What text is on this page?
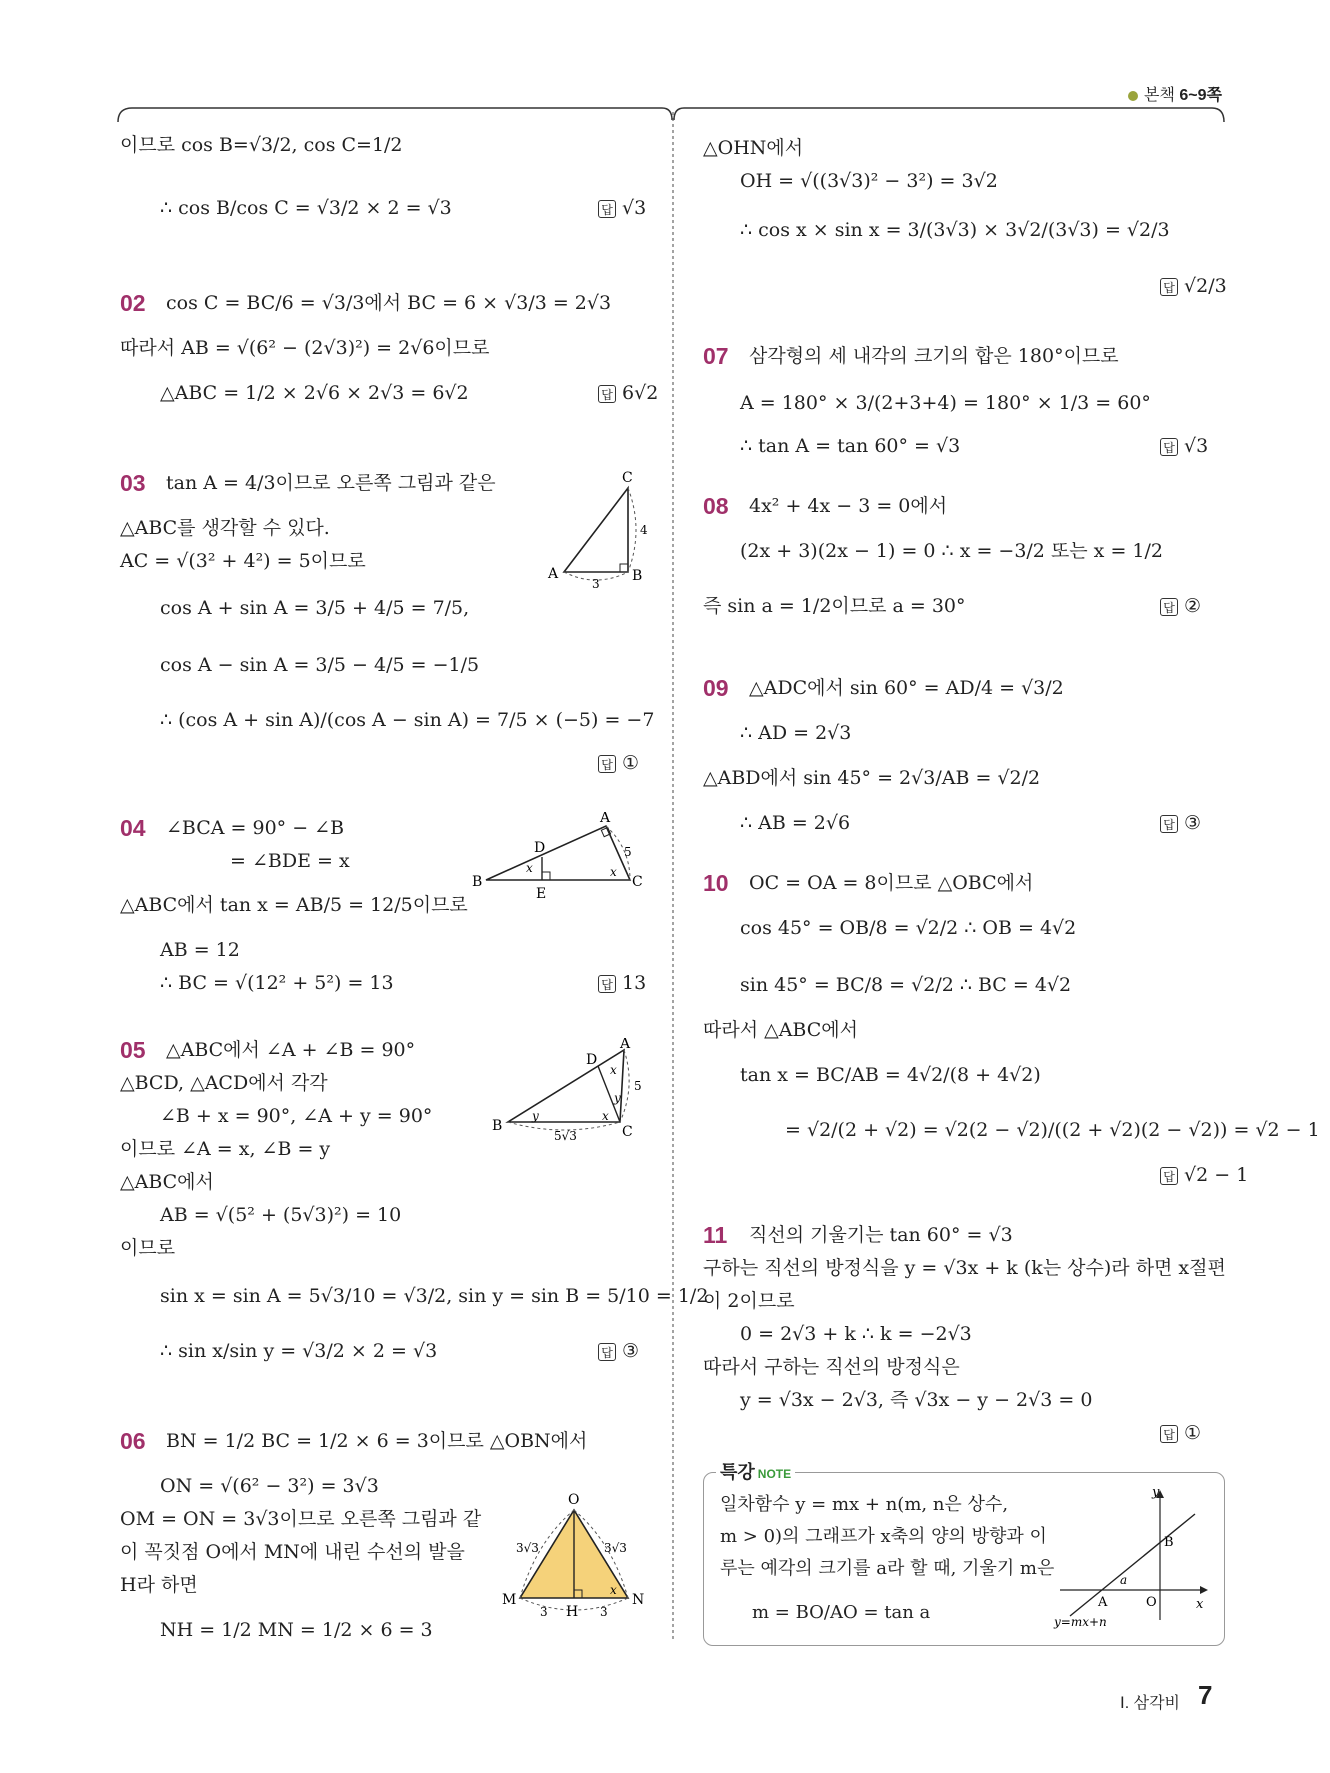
본책 6~9쪽
이므로 cos B=√3/2, cos C=1/2
∴ cos B/cos C = √3/2 × 2 = √3	답 √3
02 cos C = BC/6 = √3/3에서 BC = 6 × √3/3 = 2√3
따라서 AB = √(6² − (2√3)²) = 2√6이므로
△ABC = 1/2 × 2√6 × 2√3 = 6√2	답 6√2
03 tan A = 4/3이므로 오른쪽 그림과 같은
△ABC를 생각할 수 있다.
AC = √(3² + 4²) = 5이므로
cos A + sin A = 3/5 + 4/5 = 7/5,
cos A − sin A = 3/5 − 4/5 = −1/5
∴ (cos A + sin A)/(cos A − sin A) = 7/5 × (−5) = −7
답 ①
04 ∠BCA = 90° − ∠B
= ∠BDE = x
△ABC에서 tan x = AB/5 = 12/5이므로
AB = 12
∴ BC = √(12² + 5²) = 13	답 13
05 △ABC에서 ∠A + ∠B = 90°
△BCD, △ACD에서 각각
∠B + x = 90°, ∠A + y = 90°
이므로 ∠A = x, ∠B = y
△ABC에서
AB = √(5² + (5√3)²) = 10
이므로
sin x = sin A = 5√3/10 = √3/2, sin y = sin B = 5/10 = 1/2
∴ sin x/sin y = √3/2 × 2 = √3	답 ③
06 BN = 1/2 BC = 1/2 × 6 = 3이므로 △OBN에서
ON = √(6² − 3²) = 3√3
OM = ON = 3√3이므로 오른쪽 그림과 같
이 꼭짓점 O에서 MN에 내린 수선의 발을
H라 하면
NH = 1/2 MN = 1/2 × 6 = 3
△OHN에서
OH = √((3√3)² − 3²) = 3√2
∴ cos x × sin x = 3/(3√3) × 3√2/(3√3) = √2/3
답 √2/3
07 삼각형의 세 내각의 크기의 합은 180°이므로
A = 180° × 3/(2+3+4) = 180° × 1/3 = 60°
∴ tan A = tan 60° = √3	답 √3
08 4x² + 4x − 3 = 0에서
(2x + 3)(2x − 1) = 0 ∴ x = −3/2 또는 x = 1/2
즉 sin a = 1/2이므로 a = 30°	답 ②
09 △ADC에서 sin 60° = AD/4 = √3/2
∴ AD = 2√3
△ABD에서 sin 45° = 2√3/AB = √2/2
∴ AB = 2√6	답 ③
10 OC = OA = 8이므로 △OBC에서
cos 45° = OB/8 = √2/2 ∴ OB = 4√2
sin 45° = BC/8 = √2/2 ∴ BC = 4√2
따라서 △ABC에서
tan x = BC/AB = 4√2/(8 + 4√2)
= √2/(2 + √2) = √2(2 − √2)/((2 + √2)(2 − √2)) = √2 − 1
답 √2 − 1
11 직선의 기울기는 tan 60° = √3
구하는 직선의 방정식을 y = √3x + k (k는 상수)라 하면 x절편
이 2이므로
0 = 2√3 + k ∴ k = −2√3
따라서 구하는 직선의 방정식은
y = √3x − 2√3, 즉 √3x − y − 2√3 = 0
답 ①
A	B
C
3
4
B	C
A
D
E
x	x
5
B	C
A
D
x
x
y
y
5
5√3
O
M	N
H
3√3	3√3
3	3
x
특강 NOTE
일차함수 y = mx + n(m, n은 상수,
m > 0)의 그래프가 x축의 양의 방향과 이
루는 예각의 크기를 a라 할 때, 기울기 m은
m = BO/AO = tan a
y
x
O
A
B
a
y=mx+n
Ⅰ. 삼각비 7
